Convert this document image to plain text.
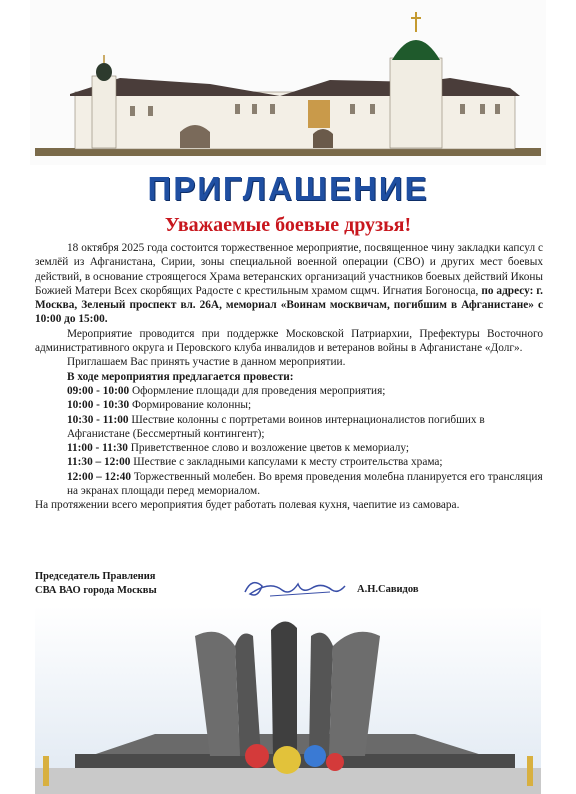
ПРИГЛАШЕНИЕ
Уважаемые боевые друзья!

18 октября 2025 года состоится торжественное мероприятие, посвященное чину закладки капсул с землёй из Афганистана, Сирии, зоны специальной военной операции (СВО) и других мест боевых действий, в основание строящегося Храма ветеранских организаций участников боевых действий Иконы Божией Матери Всех скорбящих Радосте с крестильным храмом сщмч. Игнатия Богоносца, по адресу: г. Москва, Зеленый проспект вл. 26А, мемориал «Воинам москвичам, погибшим в Афганистане» с 10:00 до 15:00.

Мероприятие проводится при поддержке Московской Патриархии, Префектуры Восточного административного округа и Перовского клуба инвалидов и ветеранов войны в Афганистане «Долг».

Приглашаем Вас принять участие в данном мероприятии.

В ходе мероприятия предлагается провести:

09:00 - 10:00 Оформление площади для проведения мероприятия;

10:00 - 10:30 Формирование колонны;

10:30 - 11:00 Шествие колонны с портретами воинов интернационалистов погибших в Афганистане (Бессмертный контингент);

11:00 - 11:30 Приветственное слово и возложение цветов к мемориалу;

11:30 – 12:00 Шествие с закладными капсулами к месту строительства храма;

12:00 – 12:40 Торжественный молебен. Во время проведения молебна планируется его трансляция на экранах площади перед мемориалом.

На протяжении всего мероприятия будет работать полевая кухня, чаепитие из самовара.

Председатель Правления
СВА ВАО города Москвы	А.Н.Савидов
